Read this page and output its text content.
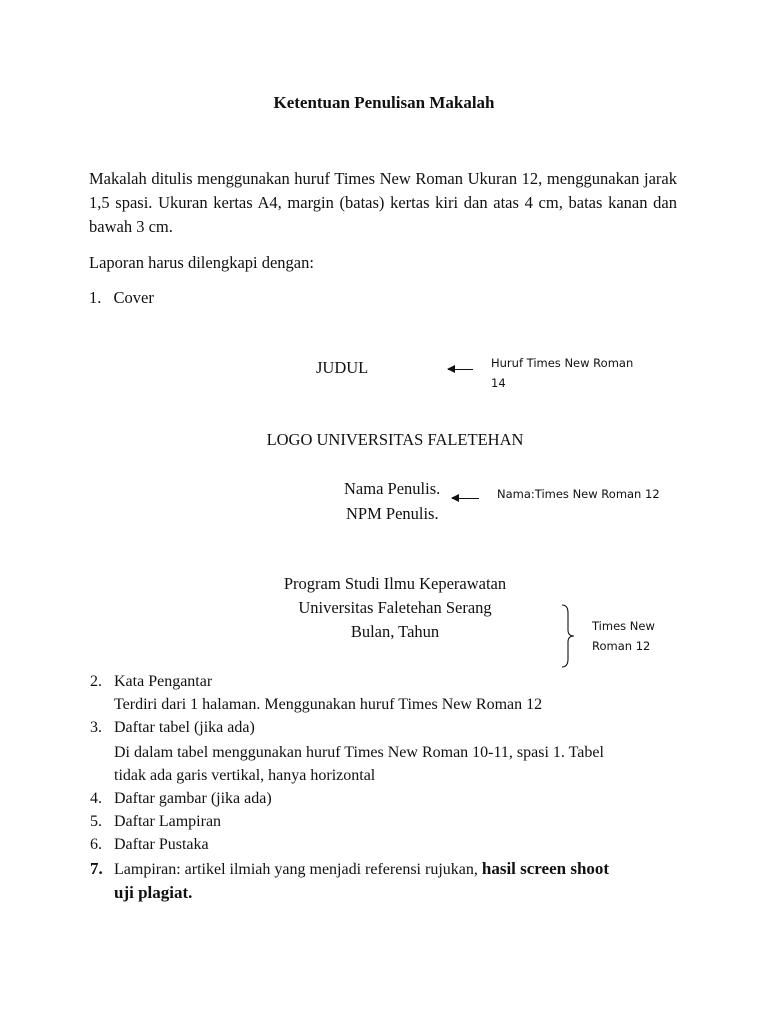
Ketentuan Penulisan Makalah
Makalah ditulis menggunakan huruf Times New Roman Ukuran 12, menggunakan jarak 1,5 spasi. Ukuran kertas A4, margin (batas) kertas kiri dan atas 4 cm, batas kanan dan bawah 3 cm.
Laporan harus dilengkapi dengan:
1. Cover
JUDUL	Huruf Times New Roman
14
LOGO UNIVERSITAS FALETEHAN
Nama Penulis.	Nama:Times New Roman 12
NPM Penulis.
Program Studi Ilmu Keperawatan
Universitas Faletehan Serang
Bulan, Tahun	Times New
Roman 12
2. Kata Pengantar
Terdiri dari 1 halaman. Menggunakan huruf Times New Roman 12
3. Daftar tabel (jika ada)
Di dalam tabel menggunakan huruf Times New Roman 10-11, spasi 1. Tabel
tidak ada garis vertikal, hanya horizontal
4. Daftar gambar (jika ada)
5. Daftar Lampiran
6. Daftar Pustaka
7. Lampiran: artikel ilmiah yang menjadi referensi rujukan, hasil screen shoot
uji plagiat.
